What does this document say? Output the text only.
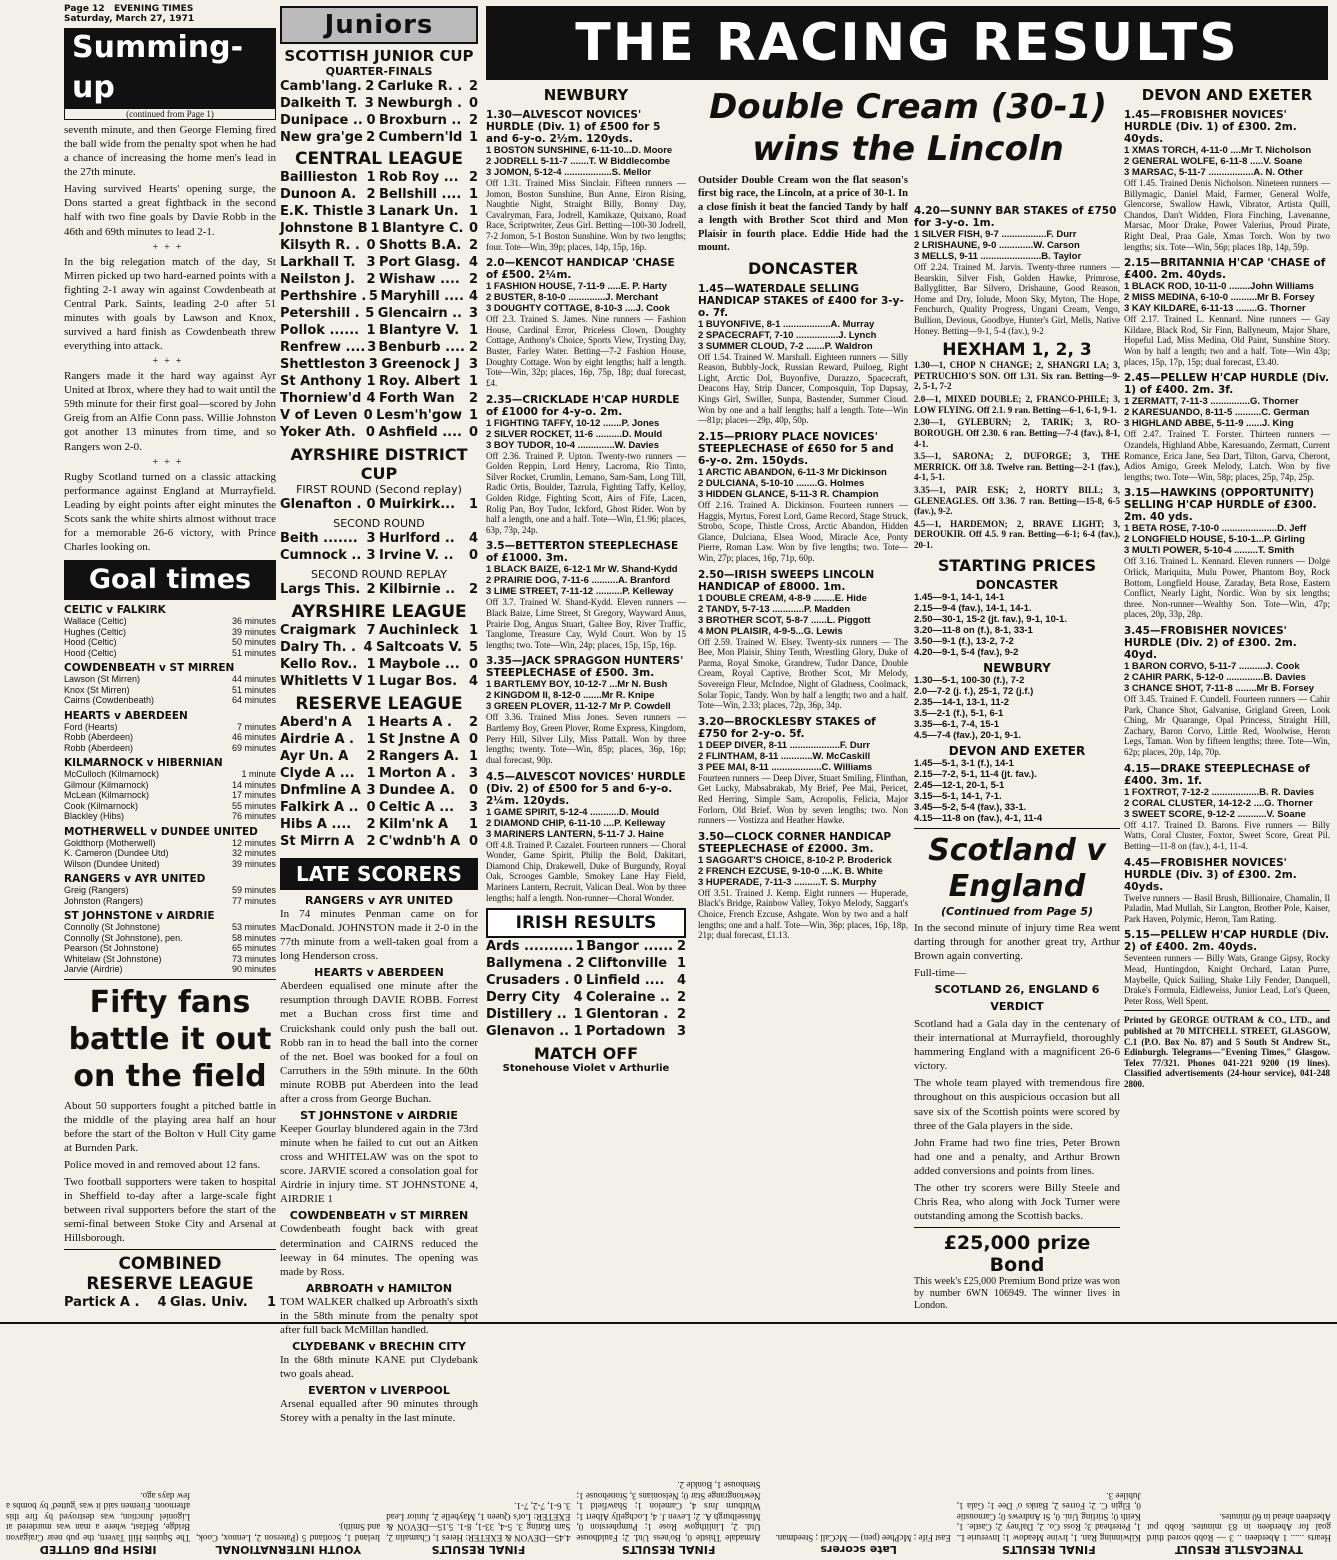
Page 12 EVENING TIMES
Saturday, March 27, 1971
Summing-up
(continued from Page 1)

seventh minute, and then George Fleming fired the ball wide from the penalty spot when he had a chance of increasing the home men's lead in the 27th minute.

Having survived Hearts' opening surge, the Dons started a great fightback in the second half with two fine goals by Davie Robb in the 46th and 69th minutes to lead 2-1.

+++

In the big relegation match of the day, St Mirren picked up two hard-earned points with a fighting 2-1 away win against Cowdenbeath at Central Park. Saints, leading 2-0 after 51 minutes with goals by Lawson and Knox, survived a hard finish as Cowdenbeath threw everything into attack.

+++

Rangers made it the hard way against Ayr United at Ibrox, where they had to wait until the 59th minute for their first goal—scored by John Greig from an Alfie Conn pass. Willie Johnston got another 13 minutes from time, and so Rangers won 2-0.

+++

Rugby Scotland turned on a classic attacking performance against England at Murrayfield. Leading by eight points after eight minutes the Scots sank the white shirts almost without trace for a memorable 26-6 victory, with Prince Charles looking on.

Goal times
CELTIC v FALKIRK
Wallace (Celtic)	36 minutes
Hughes (Celtic)	39 minutes
Hood (Celtic)	50 minutes
Hood (Celtic)	51 minutes
COWDENBEATH v ST MIRREN
Lawson (St Mirren)	44 minutes
Knox (St Mirren)	51 minutes
Cairns (Cowdenbeath)	64 minutes
HEARTS v ABERDEEN
Ford (Hearts)	7 minutes
Robb (Aberdeen)	46 minutes
Robb (Aberdeen)	69 minutes
KILMARNOCK v HIBERNIAN
McCulloch (Kilmarnock)	1 minute
Gilmour (Kilmarnock)	14 minutes
McLean (Kilmarnock)	17 minutes
Cook (Kilmarnock)	55 minutes
Blackley (Hibs)	76 minutes
MOTHERWELL v DUNDEE UNITED
Goldthorp (Motherwell)	12 minutes
K. Cameron (Dundee Utd)	32 minutes
Wilson (Dundee United)	39 minutes
RANGERS v AYR UNITED
Greig (Rangers)	59 minutes
Johnston (Rangers)	77 minutes
ST JOHNSTONE v AIRDRIE
Connolly (St Johnstone)	53 minutes
Connolly (St Johnstone), pen.	58 minutes
Pearson (St Johnstone)	65 minutes
Whitelaw (St Johnstone)	73 minutes
Jarvie (Airdrie)	90 minutes
Fifty fans battle it out on the field

About 50 supporters fought a pitched battle in the middle of the playing area half an hour before the start of the Bolton v Hull City game at Burnden Park.

Police moved in and removed about 12 fans.

Two football supporters were taken to hospital in Sheffield to-day after a large-scale fight between rival supporters before the start of the semi-final between Stoke City and Arsenal at Hillsborough.

COMBINED RESERVE LEAGUE
Partick A .	4 Glas. Univ.	1
Juniors
SCOTTISH JUNIOR CUP
QUARTER-FINALS
Camb'lang. 2 Carluke R. . 2
Dalkeith T. 3 Newburgh . 0
Dunipace .. 0 Broxburn .. 2
New gra'ge 2 Cumbern'ld 1
CENTRAL LEAGUE
Baillieston 1 Rob Roy ... 2
Dunoon A. 2 Bellshill .... 1
E.K. Thistle 3 Lanark Un. 1
Johnstone B 1 Blantyre C. 0
Kilsyth R. . 0 Shotts B.A. 2
Larkhall T. 3 Port Glasg. 4
Neilston J. 2 Wishaw .... 2
Perthshire . 5 Maryhill .... 4
Petershill . 5 Glencairn .. 3
Pollok ...... 1 Blantyre V. 1
Renfrew .... 3 Benburb .... 2
Shettleston 3 Greenock J 3
St Anthony 1 Roy. Albert 1
Thorniew'd 4 Forth Wan	2
V of Leven 0 Lesm'h'gow 1
Yoker Ath. 0 Ashfield .... 0
AYRSHIRE DISTRICT CUP
FIRST ROUND (Second replay)
Glenafton . 0 Muirkirk...	1
SECOND ROUND
Beith ....... 3 Hurlford ..	4
Cumnock .. 3 Irvine V. ..	0
SECOND ROUND REPLAY
Largs This. 2 Kilbirnie ..	2
AYRSHIRE LEAGUE
Craigmark 7 Auchinleck 1
Dalry Th. . 4 Saltcoats V. 5
Kello Rov.. 1 Maybole ... 0
Whitletts V 1 Lugar Bos. 4
RESERVE LEAGUE
Aberd'n A	1 Hearts A .	2
Airdrie A . 1 St Jnstne A 0
Ayr Un. A	2 Rangers A. 1
Clyde A ... 1 Morton A .	3
Dnfmline A 3 Dundee A.	0
Falkirk A .. 0 Celtic A ...	3
Hibs A ....	2 Kilm'nk A	1
St Mirrn A 2 C'wdnb'h A 0
LATE SCORERS
RANGERS v AYR UNITED

In 74 minutes Penman came on for MacDonald. JOHNSTON made it 2-0 in the 77th minute from a well-taken goal from a long Henderson cross.

HEARTS v ABERDEEN

Aberdeen equalised one minute after the resumption through DAVIE ROBB. Forrest met a Buchan cross first time and Cruickshank could only push the ball out. Robb ran in to head the ball into the corner of the net. Boel was booked for a foul on Carruthers in the 59th minute. In the 60th minute ROBB put Aberdeen into the lead after a cross from George Buchan.

ST JOHNSTONE v AIRDRIE

Keeper Gourlay blundered again in the 73rd minute when he failed to cut out an Aitken cross and WHITELAW was on the spot to score. JARVIE scored a consolation goal for Airdrie in injury time. ST JOHNSTONE 4, AIRDRIE 1

COWDENBEATH v ST MIRREN

Cowdenbeath fought back with great determination and CAIRNS reduced the leeway in 64 minutes. The opening was made by Ross.

ARBROATH v HAMILTON

TOM WALKER chalked up Arbroath's sixth in the 58th minute from the penalty spot after full back McMillan handled.

CLYDEBANK v BRECHIN CITY

In the 68th minute KANE put Clydebank two goals ahead.

EVERTON v LIVERPOOL

Arsenal equalled after 90 minutes through Storey with a penalty in the last minute.

THE RACING RESULTS
NEWBURY
1.30—ALVESCOT NOVICES' HURDLE (Div. 1) of £500 for 5 and 6-y-o. 2½m. 120yds.
1 BOSTON SUNSHINE, 6-11-10...D. Moore
2 JODRELL 5-11-7 .......T. W Biddlecombe
3 JOMON, 5-12-4 ..................S. Mellor

Off 1.31. Trained Miss Sinclair. Fifteen runners — Jomon, Boston Sunshine, Bun Anne, Eiron Rising, Naughtie Night, Straight Billy, Bonny Day, Cavalryman, Fara, Jodrell, Kamikaze, Quixano, Road Race, Scriptwriter, Zeus Girl. Betting—100-30 Jodrell, 7-2 Jomon, 5-1 Boston Sunshine. Won by two lengths; four. Tote—Win, 39p; places, 14p, 15p, 16p.

2.0—KENCOT HANDICAP 'CHASE of £500. 2¼m.
1 FASHION HOUSE, 7-11-9 .....E. P. Harty
2 BUSTER, 8-10-0 ..............J. Merchant
3 DOUGHTY COTTAGE, 8-10-3 ....J. Cook

Off 2.3. Trained S. James. Nine runners — Fashion House, Cardinal Error, Priceless Clown, Doughty Cottage, Anthony's Choice, Sports View, Trysting Day, Buster, Farley Water. Betting—7-2 Fashion House, Doughty Cottage. Won by eight lengths; half a length. Tote—Win, 32p; places, 16p, 75p, 18p; dual forecast, £4.

2.35—CRICKLADE H'CAP HURDLE of £1000 for 4-y-o. 2m.
1 FIGHTING TAFFY, 10-12 .......P. Jones
2 SILVER ROCKET, 11-6 ..........D. Mould
3 BOY TUDOR, 10-4 ..............W. Davies

Off 2.36. Trained P. Upton. Twenty-two runners — Golden Reppin, Lord Henry, Lacroma, Rio Tinto, Silver Rocket, Crumlin, Lemano, Sam-Sam, Long Till, Radic Ortis, Boulder, Tazrula, Fighting Taffy, Kelloy, Golden Ridge, Fighting Scott, Airs of Fife, Lacen, Rolig Pan, Boy Tudor, Ickford, Ghost Rider. Won by half a length, one and a half. Tote—Win, £1.96; places, 63p, 73p, 24p.

3.5—BETTERTON STEEPLECHASE of £1000. 3m.
1 BLACK BAIZE, 6-12-1 Mr W. Shand-Kydd
2 PRAIRIE DOG, 7-11-6 ..........A. Branford
3 LIME STREET, 7-11-12 ..........P. Kelleway

Off 3.7. Trained W. Shand-Kydd. Eleven runners — Black Baize, Lime Street, St Gregory, Wayward Anus, Prairie Dog, Angus Stuart, Galtee Boy, River Traffic, Tanglome, Treasure Cay, Wyld Court. Won by 15 lengths; two. Tote—Win, 24p; places, 15p, 15p, 16p.

3.35—JACK SPRAGGON HUNTERS' STEEPLECHASE of £500. 3m.
1 BARTLEMY BOY, 10-12-7 ...Mr N. Bush
2 KINGDOM II, 8-12-0 .......Mr R. Knipe
3 GREEN PLOVER, 11-12-7 Mr P. Cowdell

Off 3.36. Trained Miss Jones. Seven runners — Bartlemy Boy, Green Plover, Rome Express, Kingdom, Perry Hill, Silver Lily, Miss Pattall. Won by three lengths; twenty. Tote—Win, 85p; places, 36p, 16p; dual forecast, 90p.

4.5—ALVESCOT NOVICES' HURDLE (Div. 2) of £500 for 5 and 6-y-o. 2¼m. 120yds.
1 GAME SPIRIT, 5-12-4 ...........D. Mould
2 DIAMOND CHIP, 6-11-10 ....P. Kelleway
3 MARINERS LANTERN, 5-11-7 J. Haine

Off 4.8. Trained P. Cazalet. Fourteen runners — Choral Wonder, Game Spirit, Philip the Bold, Dakitari, Diamond Chip, Drakewell, Duke of Burgundy, Royal Oak, Scrooges Gamble, Smokey Lane Hay Field, Mariners Lantern, Recruit, Valican Deal. Won by three lengths; half a length. Non-runner—Choral Wonder.

IRISH RESULTS
Ards .......... 1 Bangor ...... 2
Ballymena . 2 Cliftonville 1
Crusaders . 0 Linfield .... 4
Derry City	4 Coleraine .. 2
Distillery .. 1 Glentoran . 2
Glenavon .. 1 Portadown 3
MATCH OFF
Stonehouse Violet v Arthurlie
Double Cream (30-1) wins the Lincoln

Outsider Double Cream won the flat season's first big race, the Lincoln, at a price of 30-1. In a close finish it beat the fancied Tandy by half a length with Brother Scot third and Mon Plaisir in fourth place. Eddie Hide had the mount.

DONCASTER
1.45—WATERDALE SELLING HANDICAP STAKES of £400 for 3-y-o. 7f.
1 BUYONFIVE, 8-1 ..................A. Murray
2 SPACECRAFT, 7-10 ................J. Lynch
3 SUMMER CLOUD, 7-2 .......P. Waldron

Off 1.54. Trained W. Marshall. Eighteen runners — Silly Reason, Bubbly-Jock, Russian Reward, Puiloeg, Right Light, Arctic Dol, Buyonfive, Durazzo, Spacecraft, Deacons Hay, Strip Dancer, Composquin, Top Dapsay, Kings Girl, Swiller, Sunpa, Bastender, Summer Cloud. Won by one and a half lengths; half a length. Tote—Win—81p; places—29p, 40p, 50p.

2.15—PRIORY PLACE NOVICES' STEEPLECHASE of £650 for 5 and 6-y-o. 2m. 150yds.
1 ARCTIC ABANDON, 6-11-3 Mr Dickinson
2 DULCIANA, 5-10-10 ........G. Holmes
3 HIDDEN GLANCE, 5-11-3 R. Champion

Off 2.16. Trained A. Dickinson. Fourteen runners — Haggis, Myrtus, Forest Lord, Game Record, Stage Struck, Strobo, Scope, Thistle Cross, Arctic Abandon, Hidden Glance, Dulciana, Elsea Wood, Miracle Ace, Ponty Pierre, Roman Law. Won by five lengths; two. Tote—Win, 27p; places, 16p, 71p, 60p.

2.50—IRISH SWEEPS LINCOLN HANDICAP of £8000. 1m.
1 DOUBLE CREAM, 4-8-9 ........E. Hide
2 TANDY, 5-7-13 ............P. Madden
3 BROTHER SCOT, 5-8-7 ......L. Piggott
4 MON PLAISIR, 4-9-5...G. Lewis

Off 2.59. Trained W. Elsey. Twenty-six runners — The Bee, Mon Plaisir, Shiny Tenth, Wrestling Glory, Duke of Parma, Royal Smoke, Grandrew, Tudor Dance, Double Cream, Royal Captive, Brother Scot, Mr Melody, Sovereign Fleur, McIndoe, Night of Gladness, Coolmack, Solar Topic, Tandy. Won by half a length; two and a half. Tote—Win, 2.33; places, 72p, 36p, 34p.

3.20—BROCKLESBY STAKES of £750 for 2-y-o. 5f.
1 DEEP DIVER, 8-11 ...................F. Durr
2 FLINTHAM, 8-11 ............W. McCaskill
3 PEE MAI, 8-11 ...................C. Williams

Fourteen runners — Deep Diver, Stuart Smiling, Flinthan, Get Lucky, Mabsabrakab, My Brief, Pee Mai, Pericet, Red Herring, Simple Sam, Acropolis, Felicia, Major Forlorn, Old Brief. Won by seven lengths; two. Non runners — Vostizza and Heather Hawke.

3.50—CLOCK CORNER HANDICAP STEEPLECHASE of £2000. 3m.
1 SAGGART'S CHOICE, 8-10-2 P. Broderick
2 FRENCH EZCUSE, 9-10-0 ....K. B. White
3 HUPERADE, 7-11-3 ..........T. S. Murphy

Off 3.51. Trained J. Kemp. Eight runners — Huperade, Black's Bridge, Rainbow Valley, Tokyo Melody, Saggart's Choice, French Ezcuse, Ashgate. Won by two and a half lengths; one and a half. Tote—Win, 36p; places, 16p, 18p, 21p; dual forecast, £1.13.

4.20—SUNNY BAR STAKES of £750 for 3-y-o. 1m.
1 SILVER FISH, 9-7 .................F. Durr
2 LRISHAUNE, 9-0 .............W. Carson
3 MELLS, 9-11 .......................B. Taylor

Off 2.24. Trained M. Jarvis. Twenty-three runners — Bearskin, Silver Fish, Golden Hawke, Primrose, Ballyglitter, Bar Silvero, Drishaune, Good Reason, Home and Dry, Iolude, Moon Sky, Myton, The Hope, Fenchurch, Quality Progress, Ungani Cream, Vengo, Bullion, Devious, Goodbye, Hunter's Girl, Mells, Native Honey. Betting—9-1, 5-4 (fav.), 9-2

HEXHAM 1, 2, 3

1.30—1, CHOP N CHANGE; 2, SHANGRI LA; 3, PETRUCHIO'S SON. Off 1.31. Six ran. Betting—9-2, 5-1, 7-2

2.0—1, MIXED DOUBLE; 2, FRANCO-PHILE; 3, LOW FLYING. Off 2.1. 9 ran. Betting—6-1, 6-1, 9-1.

2.30—1, GYLEBURN; 2, TARIK; 3, RO-BOROUGH. Off 2.30. 6 ran. Betting—7-4 (fav.), 8-1, 4-1.

3.5—1, SARONA; 2, DUFORGE; 3, THE MERRICK. Off 3.8. Twelve ran. Betting—2-1 (fav.), 4-1, 5-1.

3.35—1, PAIR ESK; 2, HORTY BILL; 3, GLENEAGLES. Off 3.36. 7 ran. Betting—15-8, 6-5 (fav.), 9-2.

4.5—1, HARDEMON; 2, BRAVE LIGHT; 3, DEROUKIR. Off 4.5. 9 ran. Betting—6-1; 6-4 (fav.), 20-1.

STARTING PRICES
DONCASTER
1.45—9-1, 14-1, 14-1
2.15—9-4 (fav.), 14-1, 14-1.
2.50—30-1, 15-2 (jt. fav.), 9-1, 10-1.
3.20—11-8 on (f.), 8-1, 33-1
3.50—9-1 (f.), 13-2, 7-2
4.20—9-1, 5-4 (fav.), 9-2
NEWBURY
1.30—5-1, 100-30 (f.), 7-2
2.0—7-2 (j. f.), 25-1, 72 (j.f.)
2.35—14-1, 13-1, 11-2
3.5—2-1 (f.), 5-1, 6-1
3.35—6-1, 7-4, 15-1
4.5—7-4 (fav.), 20-1, 9-1.
DEVON AND EXETER
1.45—5-1, 3-1 (f.), 14-1
2.15—7-2, 5-1, 11-4 (jt. fav.).
2.45—12-1, 20-1, 5-1
3.15—5-1, 14-1, 7-1.
3.45—5-2, 5-4 (fav.), 33-1.
4.15—11-8 on (fav.), 4-1, 11-4
Scotland v England
(Continued from Page 5)

In the second minute of injury time Rea went darting through for another great try, Arthur Brown again converting.

Full-time—

SCOTLAND 26, ENGLAND 6

VERDICT

Scotland had a Gala day in the centenary of their international at Murrayfield, thoroughly hammering England with a magnificent 26-6 victory.

The whole team played with tremendous fire throughout on this auspicious occasion but all save six of the Scottish points were scored by three of the Gala players in the side.

John Frame had two fine tries, Peter Brown had one and a penalty, and Arthur Brown added conversions and points from lines.

The other try scorers were Billy Steele and Chris Rea, who along with Jock Turner were outstanding among the Scottish backs.

£25,000 prize Bond

This week's £25,000 Premium Bond prize was won by number 6WN 106949. The winner lives in London.

DEVON AND EXETER
1.45—FROBISHER NOVICES' HURDLE (Div. 1) of £300. 2m. 40yds.
1 XMAS TORCH, 4-11-0 ....Mr T. Nicholson
2 GENERAL WOLFE, 6-11-8 .....V. Soane
3 MARSAC, 5-11-7 .................A. N. Other

Off 1.45. Trained Denis Nicholson. Nineteen runners — Billymagic, Daniel Maid, Farmer, General Wolfe, Glencorse, Swallow Hawk, Vibrator, Artista Quill, Chandos, Dan't Widden, Flora Finching, Lavenanne, Marsac, Moor Drake, Power Valerius, Proud Pirate, Right Deal, Praa Gale, Xmas Torch. Won by two lengths; six. Tote—Win, 56p; places 18p, 14p, 59p.

2.15—BRITANNIA H'CAP 'CHASE of £400. 2m. 40yds.
1 BLACK ROD, 10-11-0 ........John Williams
2 MISS MEDINA, 6-10-0 ..........Mr B. Forsey
3 KAY KILDARE, 6-11-13 ........G. Thorner

Off 2.17. Trained L. Kennard. Nine runners — Gay Kildare, Black Rod, Sir Finn, Ballyneum, Major Share, Hopeful Lad, Miss Medina, Old Paint, Sunshine Story. Won by half a length; two and a half. Tote—Win 43p; places, 15p, 17p, 15p; dual forecast, £3.40.

2.45—PELLEW H'CAP HURDLE (Div. 1) of £400. 2m. 3f.
1 ZERMATT, 7-11-3 ...............G. Thorner
2 KARESUANDO, 8-11-5 ..........C. German
3 HIGHLAND ABBE, 5-11-9 ......J. King

Off 2.47. Trained T. Forster. Thirteen runners — Ozandels, Highland Abbe, Karesuando, Zermatt, Current Romance, Erica Jane, Sea Dart, Tilton, Garva, Cheroot, Adios Amigo, Greek Melody, Latch. Won by five lengths; two. Tote—Win, 58p; places, 25p, 74p, 25p.

3.15—HAWKINS (OPPORTUNITY) SELLING H'CAP HURDLE of £300. 2m. 40 yds.
1 BETA ROSE, 7-10-0 .....................D. Jeff
2 LONGFIELD HOUSE, 5-10-1...P. Girling
3 MULTI POWER, 5-10-4 .........T. Smith

Off 3.16. Trained L. Kennard. Eleven runners — Dolge Orlick, Mariquita, Mulu Power, Phantom Boy, Rock Bottom, Longfield House, Zaraday, Beta Rose, Eastern Conflict, Nearly Light, Nordic. Won by six lengths; three. Non-runner—Wealthy Son. Tote—Win, 47p; places, 20p, 33p, 28p.

3.45—FROBISHER NOVICES' HURDLE (Div. 2) of £300. 2m. 40yd.
1 BARON CORVO, 5-11-7 ..........J. Cook
2 CAHIR PARK, 5-12-0 ..............B. Davies
3 CHANCE SHOT, 7-11-8 ........Mr B. Forsey

Off 3.45. Trained F. Cundell. Fourteen runners — Cahir Park, Chance Shot, Galvanise, Grigland Green, Look Ching, Mr Quarange, Opal Princess, Straight Hill, Zachary, Baron Corvo, Little Red, Woolwise, Heron Legs, Taman. Won by fifteen lengths; three. Tote—Win, 62p; places, 20p, 14p, 70p.

4.15—DRAKE STEEPLECHASE of £400. 3m. 1f.
1 FOXTROT, 7-12-2 ..................B. R. Davies
2 CORAL CLUSTER, 14-12-2 ....G. Thorner
3 SWEET SCORE, 9-12-2 ...........V. Soane

Off 4.17. Trained D. Barons. Five runners — Billy Watts, Coral Cluster, Foxtor, Sweet Score, Great Pil. Betting—11-8 on (fav.), 4-1, 11-4.

4.45—FROBISHER NOVICES' HURDLE (Div. 3) of £300. 2m. 40yds.

Twelve runners — Basil Brush, Billionaire, Chamalin, Il Paladin, Mad Mullah, Sir Langton, Brother Pole, Kaiser, Park Haven, Polymic, Heron, Tam Rating.

5.15—PELLEW H'CAP HURDLE (Div. 2) of £400. 2m. 40yds.

Seventeen runners — Billy Wats, Grange Gipsy, Rocky Mead, Huntingdon, Knight Orchard, Latan Purre, Maybelle, Quick Sailing, Shake Lily Fender, Danquell, Drake's Formula, Eidleweiss, Junior Lead, Lot's Queen, Peter Ross, Well Spent.

Printed by GEORGE OUTRAM & CO., LTD., and published at 70 MITCHELL STREET, GLASGOW, C.1 (P.O. Box No. 87) and 5 South St Andrew St., Edinburgh. Telegrams—"Evening Times," Glasgow. Telex 77/321. Phones 041-221 9200 (19 lines). Classified advertisements (24-hour service), 041-248 2800.

TYNECASTLE RESULT

Hearts ...... 1 Aberdeen .. 3 — Robb scored third goal for Aberdeen in 83 minutes. Robb put Aberdeen ahead in 60 minutes.

FINAL RESULTS

Kilwinning Ran. 1, Irvine Meadow 1; Inverurie L. 1, Peterhead 3; Ross Co. 2, Dal'ney 2; Castle. 1, Keith 0; Stirling Uni. 0, St Andrews 0; Carnoustie 0, Elgin C. 2; Forres 2, Banks o' Dee 1; Gala 1, Jubilee 3.

Late scorers

East Fife ; McPhee (pen) — McCall ; Steedman.

FINAL RESULTS

Armadale Thistle 0, Bo'ness Utd. 2; Fauldhouse Utd. 2, Linlithgow Rose 1; Pumpherston 0, Musselburgh A. 2; Leven J. 4, Lochgelly Albert 1; Whitburn Jnrs 4, Camelon 1; Shawfield 1, Newtongrange Star 0; Nelsonians 3, Stonehouse 1; Stenhouse 1, Bonkle 2.

FINAL RESULTS

4.45—DEVON & EXETER: Heres 1, Chamalin 2, Sam Rating 3. 5-4, 33-1, 8-1. 5.15—DEVON & EXETER: Lot's Queen 1, Maybelle 2, Junior Lead 3. 6-1, 7-2, 7-1.

YOUTH INTERNATIONAL

Ireland 1, Scotland 5 (Paterson 2, Lennox, Cook, and Smith).

IRISH PUB GUTTED

The Squires Hill Tavern, the pub near Craigavon Bridge, Belfast, where a man was murdered at Ligoniel Junction, was destroyed by fire this afternoon. Firemen said it was 'gutted' by bombs a few days ago.
